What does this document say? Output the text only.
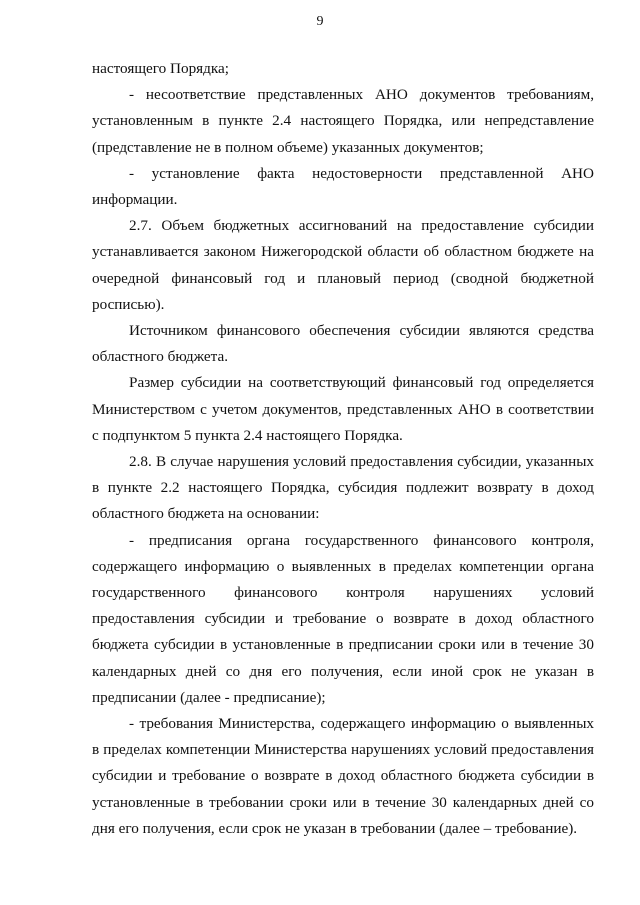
9

настоящего Порядка;

- несоответствие представленных АНО документов требованиям, установленным в пункте 2.4 настоящего Порядка, или непредставление (представление не в полном объеме) указанных документов;

- установление факта недостоверности представленной АНО информации.

2.7. Объем бюджетных ассигнований на предоставление субсидии устанавливается законом Нижегородской области об областном бюджете на очередной финансовый год и плановый период (сводной бюджетной росписью).

Источником финансового обеспечения субсидии являются средства областного бюджета.

Размер субсидии на соответствующий финансовый год определяется Министерством с учетом документов, представленных АНО в соответствии с подпунктом 5 пункта 2.4 настоящего Порядка.

2.8. В случае нарушения условий предоставления субсидии, указанных в пункте 2.2 настоящего Порядка, субсидия подлежит возврату в доход областного бюджета на основании:

- предписания органа государственного финансового контроля, содержащего информацию о выявленных в пределах компетенции органа государственного финансового контроля нарушениях условий предоставления субсидии и требование о возврате в доход областного бюджета субсидии в установленные в предписании сроки или в течение 30 календарных дней со дня его получения, если иной срок не указан в предписании (далее - предписание);

- требования Министерства, содержащего информацию о выявленных в пределах компетенции Министерства нарушениях условий предоставления субсидии и требование о возврате в доход областного бюджета субсидии в установленные в требовании сроки или в течение 30 календарных дней со дня его получения, если срок не указан в требовании (далее – требование).
